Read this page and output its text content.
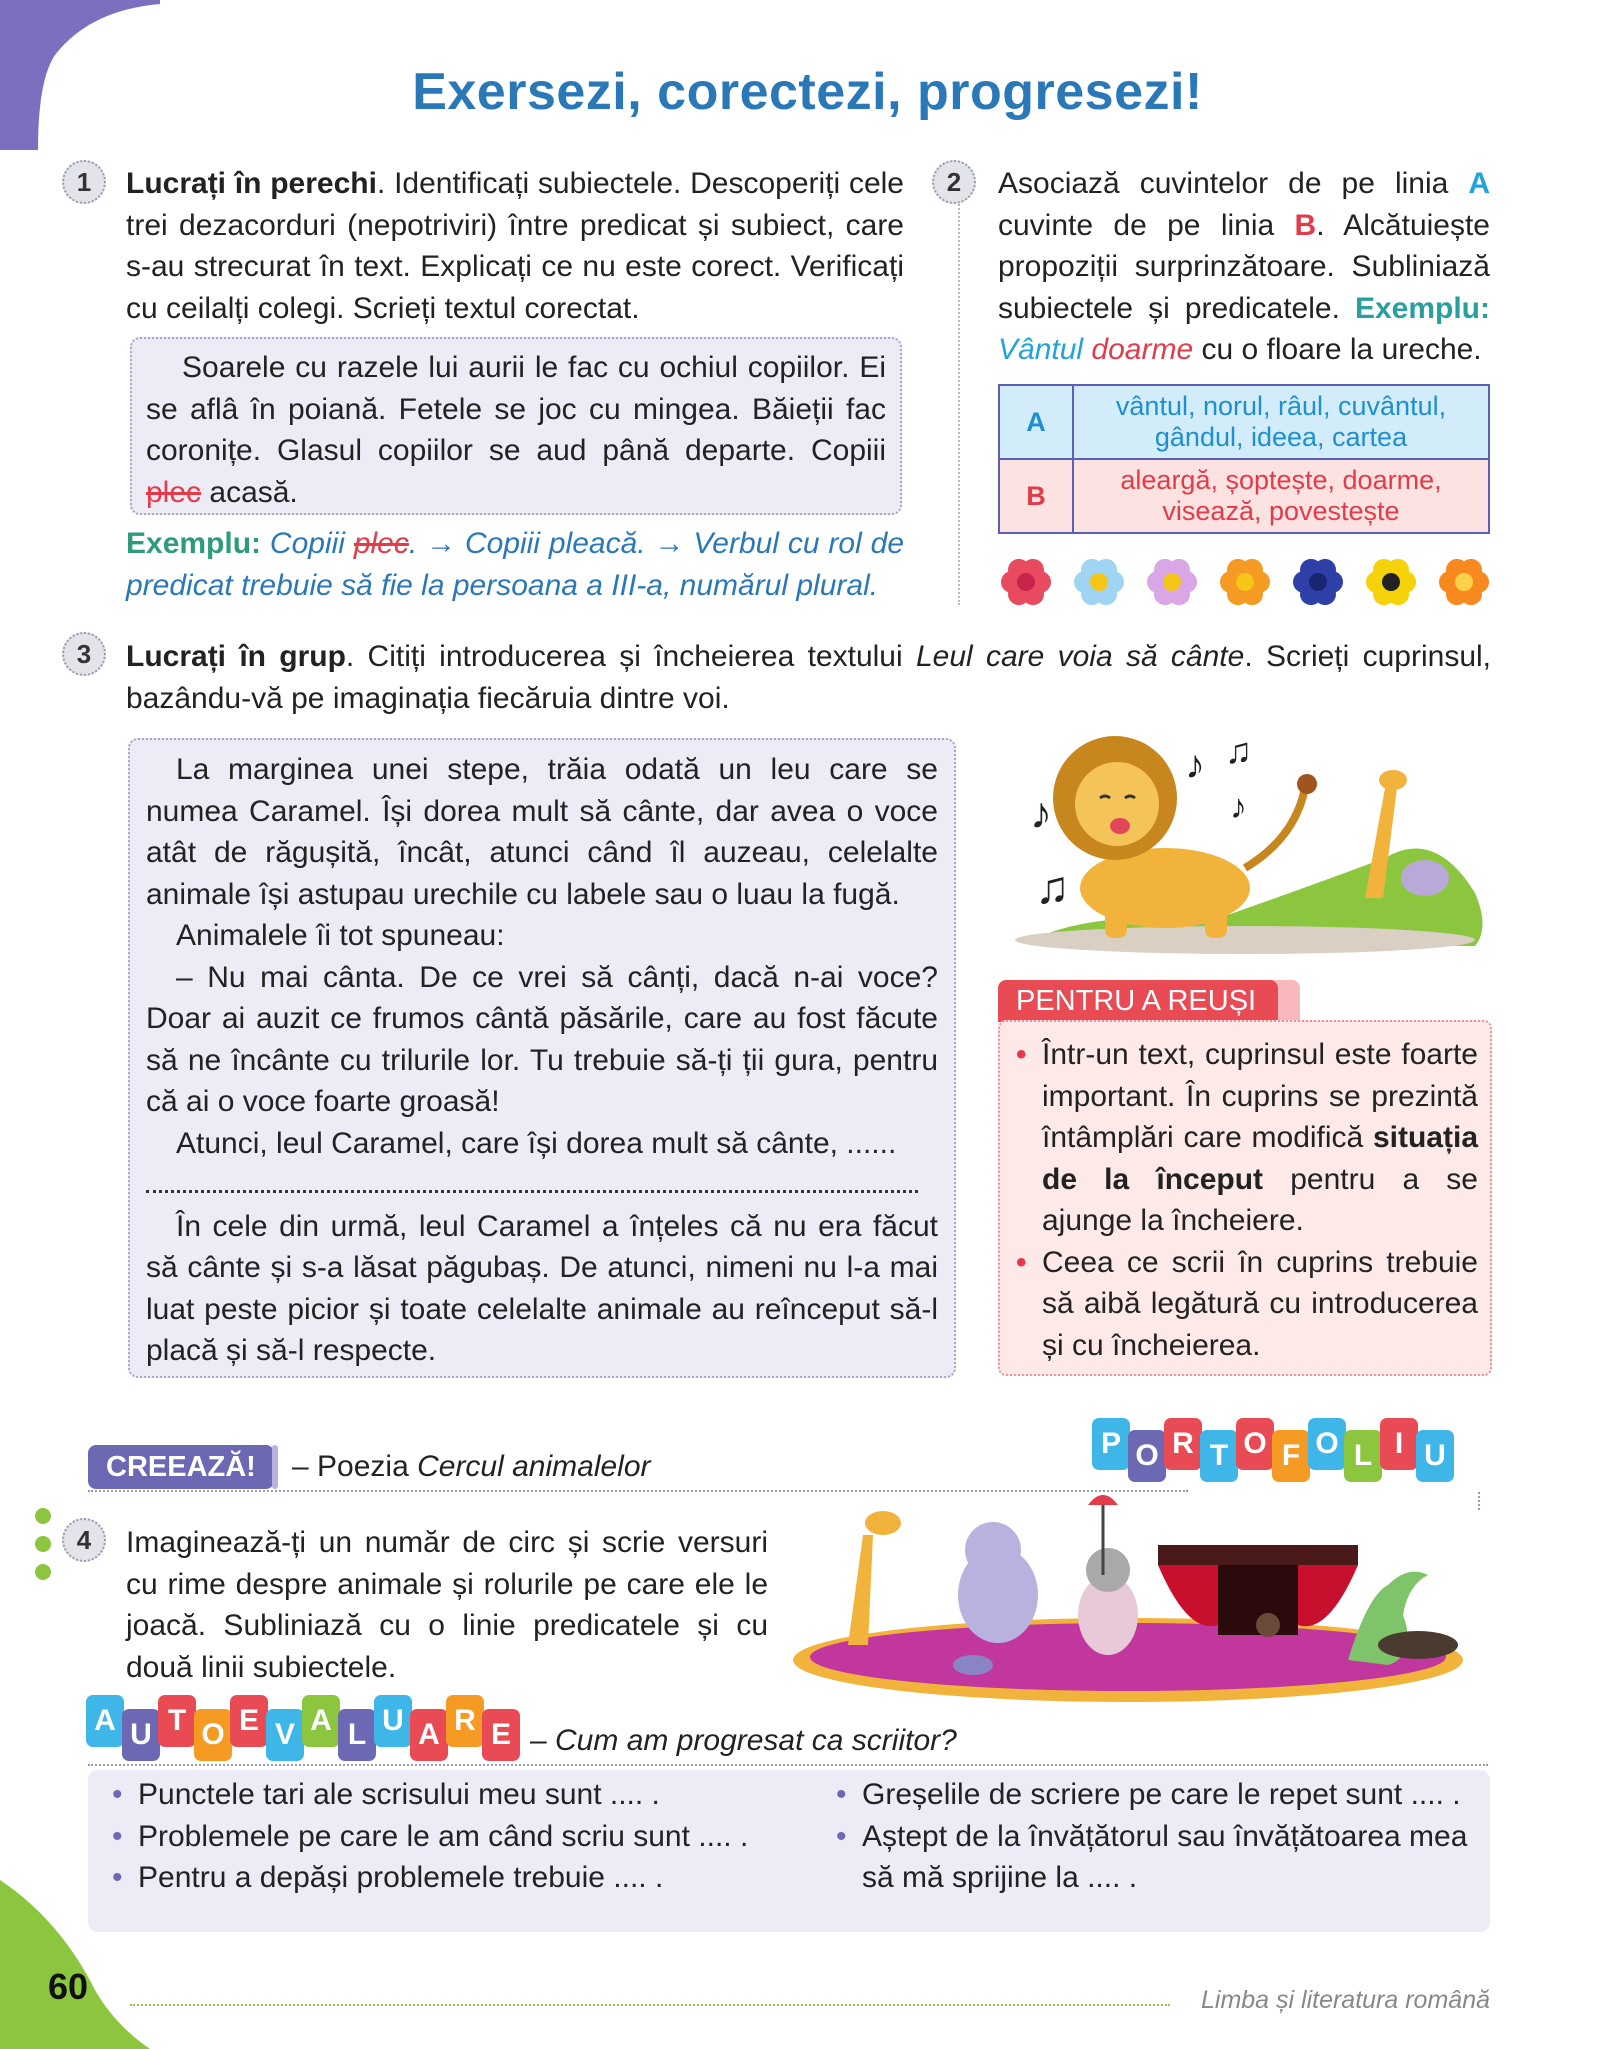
Exersezi, corectezi, progresezi!
1	Lucrați în perechi. Identificați subiectele. Descoperiți cele trei dezacorduri (nepotriviri) între predicat și subiect, care s-au strecurat în text. Explicați ce nu este corect. Verificați cu ceilalți colegi. Scrieți textul corectat.
Soarele cu razele lui aurii le fac cu ochiul copiilor. Ei se aflâ în poiană. Fetele se joc cu mingea. Băieții fac coronițe. Glasul copiilor se aud până departe. Copiii plec acasă.
Exemplu: Copiii plec. → Copiii pleacă. → Verbul cu rol de predicat trebuie să fie la persoana a III-a, numărul plural.
2	Asociază cuvintelor de pe linia A cuvinte de pe linia B. Alcătuiește propoziții surprinzătoare. Subliniază subiectele și predicatele. Exemplu: Vântul doarme cu o floare la ureche.
A	vântul, norul, râul, cuvântul, gândul, ideea, cartea
B	aleargă, șoptește, doarme, visează, povestește
3	Lucrați în grup. Citiți introducerea și încheierea textului Leul care voia să cânte. Scrieți cuprinsul, bazându-vă pe imaginația fiecăruia dintre voi.
La marginea unei stepe, trăia odată un leu care se numea Caramel. Își dorea mult să cânte, dar avea o voce atât de răgușită, încât, atunci când îl auzeau, celelalte animale își astupau urechile cu labele sau o luau la fugă.
Animalele îi tot spuneau:
– Nu mai cânta. De ce vrei să cânți, dacă n-ai voce? Doar ai auzit ce frumos cântă păsările, care au fost făcute să ne încânte cu trilurile lor. Tu trebuie să-ți ții gura, pentru că ai o voce foarte groasă!
Atunci, leul Caramel, care își dorea mult să cânte, ......
În cele din urmă, leul Caramel a înțeles că nu era făcut să cânte și s-a lăsat păgubaș. De atunci, nimeni nu l-a mai luat peste picior și toate celelalte animale au reînceput să-l placă și să-l respecte.
♪
♫
♪ ♫
♪
PENTRU A REUȘI
• Într-un text, cuprinsul este foarte important. În cuprins se prezintă întâmplări care modifică situația de la început pentru a se ajunge la încheiere.
• Ceea ce scrii în cuprins trebuie să aibă legătură cu introducerea și cu încheierea.
CREEAZĂ!	– Poezia Cercul animalelor
P O R T O F O L I U
4	Imaginează-ți un număr de circ și scrie versuri cu rime despre animale și rolurile pe care ele le joacă. Subliniază cu o linie predicatele și cu două linii subiectele.
A U T O E V A L U A R E – Cum am progresat ca scriitor?
• Punctele tari ale scrisului meu sunt .... .
• Problemele pe care le am când scriu sunt .... .
• Pentru a depăși problemele trebuie .... .
• Greșelile de scriere pe care le repet sunt .... .
• Aștept de la învățătorul sau învățătoarea mea să mă sprijine la .... .
60	Limba și literatura română
